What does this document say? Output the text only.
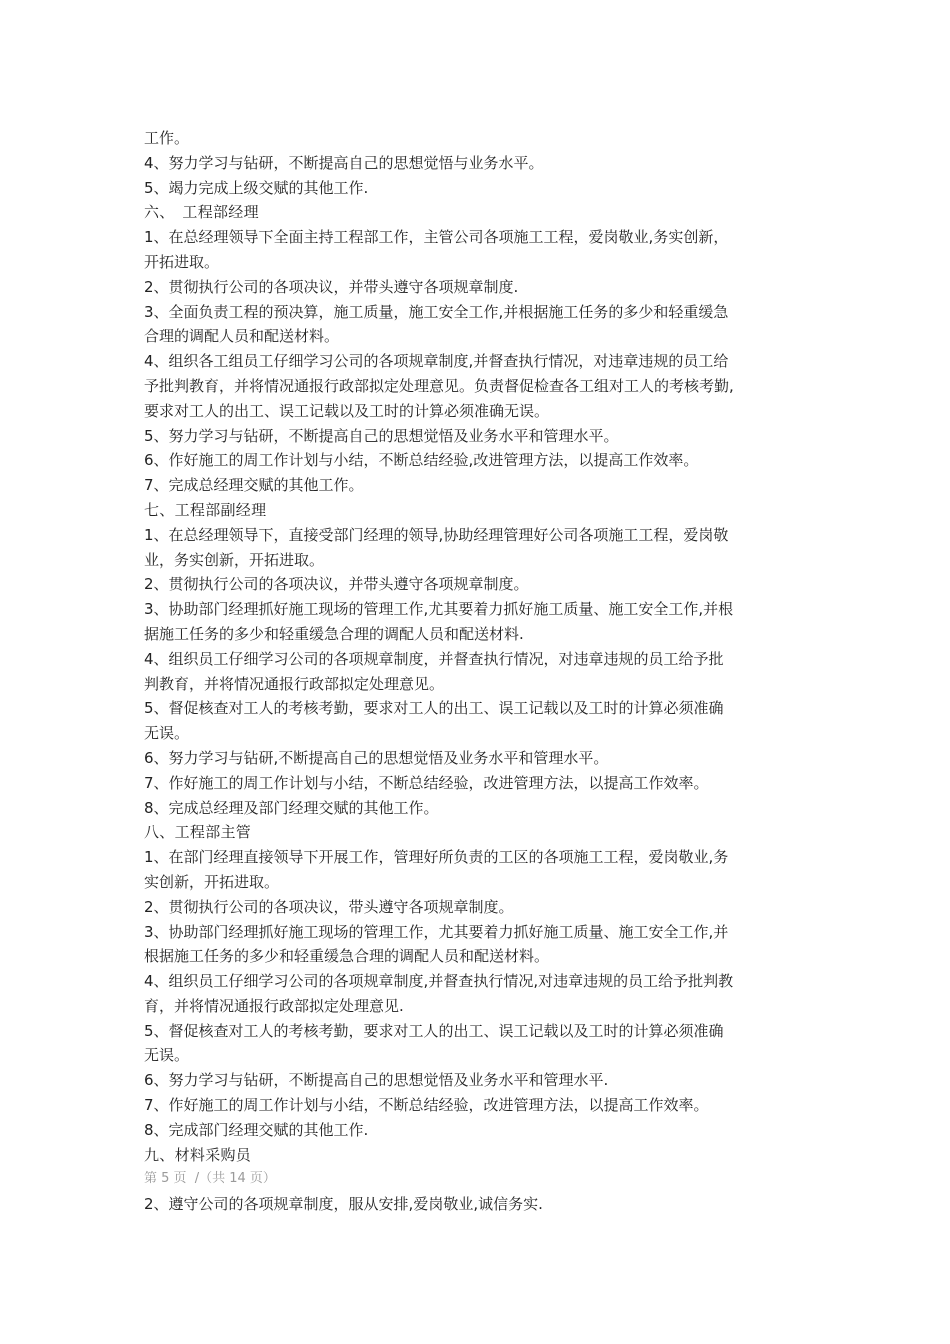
工作。

4、努力学习与钻研，不断提高自己的思想觉悟与业务水平。

5、竭力完成上级交赋的其他工作.

六、　工程部经理

1、在总经理领导下全面主持工程部工作，主管公司各项施工工程，爱岗敬业,务实创新，

开拓进取。

2、贯彻执行公司的各项决议，并带头遵守各项规章制度.

3、全面负责工程的预决算，施工质量，施工安全工作,并根据施工任务的多少和轻重缓急

合理的调配人员和配送材料。

4、组织各工组员工仔细学习公司的各项规章制度,并督查执行情况，对违章违规的员工给

予批判教育，并将情况通报行政部拟定处理意见。负责督促检查各工组对工人的考核考勤,

要求对工人的出工、误工记载以及工时的计算必须准确无误。

5、努力学习与钻研，不断提高自己的思想觉悟及业务水平和管理水平。

6、作好施工的周工作计划与小结，不断总结经验,改进管理方法，以提高工作效率。

7、完成总经理交赋的其他工作。

七、工程部副经理

1、在总经理领导下，直接受部门经理的领导,协助经理管理好公司各项施工工程，爱岗敬

业，务实创新，开拓进取。

2、贯彻执行公司的各项决议，并带头遵守各项规章制度。

3、协助部门经理抓好施工现场的管理工作,尤其要着力抓好施工质量、施工安全工作,并根

据施工任务的多少和轻重缓急合理的调配人员和配送材料.

4、组织员工仔细学习公司的各项规章制度，并督查执行情况，对违章违规的员工给予批

判教育，并将情况通报行政部拟定处理意见。

5、督促核查对工人的考核考勤，要求对工人的出工、误工记载以及工时的计算必须准确

无误。

6、努力学习与钻研,不断提高自己的思想觉悟及业务水平和管理水平。

7、作好施工的周工作计划与小结，不断总结经验，改进管理方法，以提高工作效率。

8、完成总经理及部门经理交赋的其他工作。

八、工程部主管

1、在部门经理直接领导下开展工作，管理好所负责的工区的各项施工工程，爱岗敬业,务

实创新，开拓进取。

2、贯彻执行公司的各项决议，带头遵守各项规章制度。

3、协助部门经理抓好施工现场的管理工作，尤其要着力抓好施工质量、施工安全工作,并

根据施工任务的多少和轻重缓急合理的调配人员和配送材料。

4、组织员工仔细学习公司的各项规章制度,并督查执行情况,对违章违规的员工给予批判教

育，并将情况通报行政部拟定处理意见.

5、督促核查对工人的考核考勤，要求对工人的出工、误工记载以及工时的计算必须准确

无误。

6、努力学习与钻研，不断提高自己的思想觉悟及业务水平和管理水平.

7、作好施工的周工作计划与小结，不断总结经验，改进管理方法，以提高工作效率。

8、完成部门经理交赋的其他工作.

九、材料采购员

第 5 页 /（共 14 页）

2、遵守公司的各项规章制度，服从安排,爱岗敬业,诚信务实.
